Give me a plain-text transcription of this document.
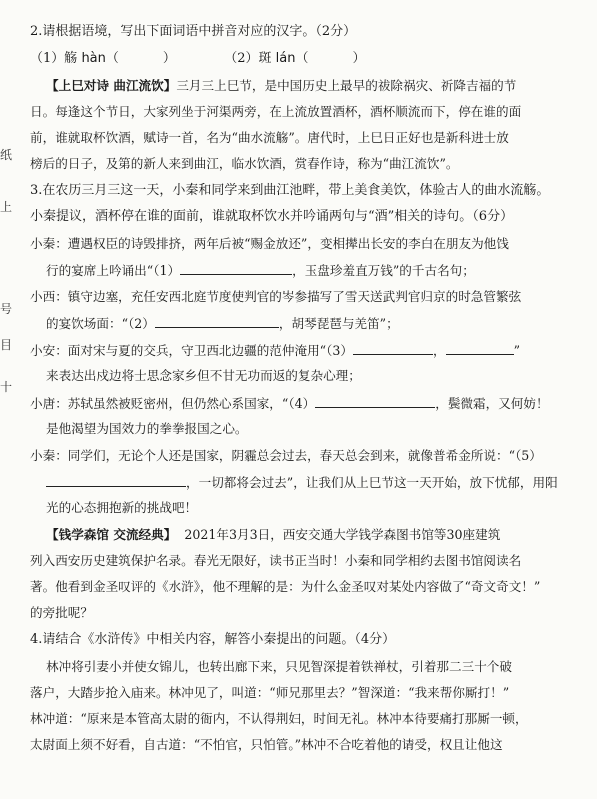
纸
上
号
目
十
2.请根据语境，写出下面词语中拼音对应的汉字。（2分）
（1）觞 hàn（	）	（2）斑 lán（	）
【上巳对诗 曲江流饮】三月三上巳节，是中国历史上最早的祓除祸灾、祈降吉福的节
日。每逢这个节日，大家列坐于河渠两旁，在上流放置酒杯，酒杯顺流而下，停在谁的面
前，谁就取杯饮酒，赋诗一首，名为“曲水流觞”。唐代时，上巳日正好也是新科进士放
榜后的日子，及第的新人来到曲江，临水饮酒，赏春作诗，称为“曲江流饮”。
3.在农历三月三这一天，小秦和同学来到曲江池畔，带上美食美饮，体验古人的曲水流觞。
小秦提议，酒杯停在谁的面前，谁就取杯饮水并吟诵两句与“酒”相关的诗句。（6分）
小秦：遭遇权臣的诗毁排挤，两年后被“赐金放还”，变相撵出长安的李白在朋友为他饯
行的宴席上吟诵出“（1）	，玉盘珍羞直万钱”的千古名句；
小西：镇守边塞，充任安西北庭节度使判官的岑参描写了雪天送武判官归京的时急管繁弦
的宴饮场面：“（2）	，胡琴琵琶与羌笛”；
小安：面对宋与夏的交兵，守卫西北边疆的范仲淹用“（3）	，	”
来表达出戍边将士思念家乡但不甘无功而返的复杂心理；
小唐：苏轼虽然被贬密州，但仍然心系国家，“（4）	，鬓微霜，又何妨！
是他渴望为国效力的拳拳报国之心。
小秦：同学们，无论个人还是国家，阴霾总会过去，春天总会到来，就像普希金所说：“（5）
，一切都将会过去”，让我们从上巳节这一天开始，放下忧郁，用阳
光的心态拥抱新的挑战吧！
【钱学森馆 交流经典】 2021年3月3日，西安交通大学钱学森图书馆等30座建筑
列入西安历史建筑保护名录。春光无限好，读书正当时！小秦和同学相约去图书馆阅读名
著。他看到金圣叹评的《水浒》，他不理解的是：为什么金圣叹对某处内容做了“奇文奇文！”
的旁批呢？
4.请结合《水浒传》中相关内容，解答小秦提出的问题。（4分）
林冲将引妻小并使女锦儿，也转出廊下来，只见智深提着铁禅杖，引着那二三十个破
落户，大踏步抢入庙来。林冲见了，叫道：“师兄那里去？”智深道：“我来帮你厮打！”
林冲道：“原来是本管高太尉的衙内，不认得荆妇，时间无礼。林冲本待要痛打那厮一顿，
太尉面上须不好看，自古道：“不怕官，只怕管。”林冲不合吃着他的请受，权且让他这
